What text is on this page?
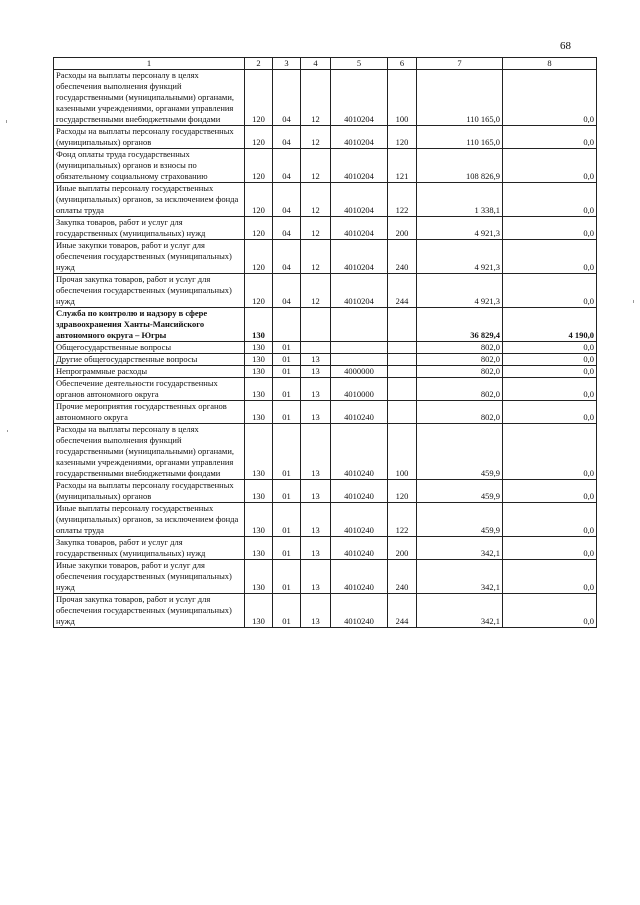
68
1	2	3	4	5	6	7	8
Расходы на выплаты персоналу в целях обеспечения выполнения функций государственными (муниципальными) органами, казенными учреждениями, органами управления государственными внебюджетными фондами	120	04	12	4010204	100	110 165,0	0,0
Расходы на выплаты персоналу государственных (муниципальных) органов	120	04	12	4010204	120	110 165,0	0,0
Фонд оплаты труда государственных (муниципальных) органов и взносы по обязательному социальному страхованию	120	04	12	4010204	121	108 826,9	0,0
Иные выплаты персоналу государственных (муниципальных) органов, за исключением фонда оплаты труда	120	04	12	4010204	122	1 338,1	0,0
Закупка товаров, работ и услуг для государственных (муниципальных) нужд	120	04	12	4010204	200	4 921,3	0,0
Иные закупки товаров, работ и услуг для обеспечения государственных (муниципальных) нужд	120	04	12	4010204	240	4 921,3	0,0
Прочая закупка товаров, работ и услуг для обеспечения государственных (муниципальных) нужд	120	04	12	4010204	244	4 921,3	0,0
Служба по контролю и надзору в сфере здравоохранения Ханты-Мансийского автономного округа – Югры	130					36 829,4	4 190,0
Общегосударственные вопросы	130	01				802,0	0,0
Другие общегосударственные вопросы	130	01	13			802,0	0,0
Непрограммные расходы	130	01	13	4000000		802,0	0,0
Обеспечение деятельности государственных органов автономного округа	130	01	13	4010000		802,0	0,0
Прочие мероприятия государственных органов автономного округа	130	01	13	4010240		802,0	0,0
Расходы на выплаты персоналу в целях обеспечения выполнения функций государственными (муниципальными) органами, казенными учреждениями, органами управления государственными внебюджетными фондами	130	01	13	4010240	100	459,9	0,0
Расходы на выплаты персоналу государственных (муниципальных) органов	130	01	13	4010240	120	459,9	0,0
Иные выплаты персоналу государственных (муниципальных) органов, за исключением фонда оплаты труда	130	01	13	4010240	122	459,9	0,0
Закупка товаров, работ и услуг для государственных (муниципальных) нужд	130	01	13	4010240	200	342,1	0,0
Иные закупки товаров, работ и услуг для обеспечения государственных (муниципальных) нужд	130	01	13	4010240	240	342,1	0,0
Прочая закупка товаров, работ и услуг для обеспечения государственных (муниципальных) нужд	130	01	13	4010240	244	342,1	0,0
